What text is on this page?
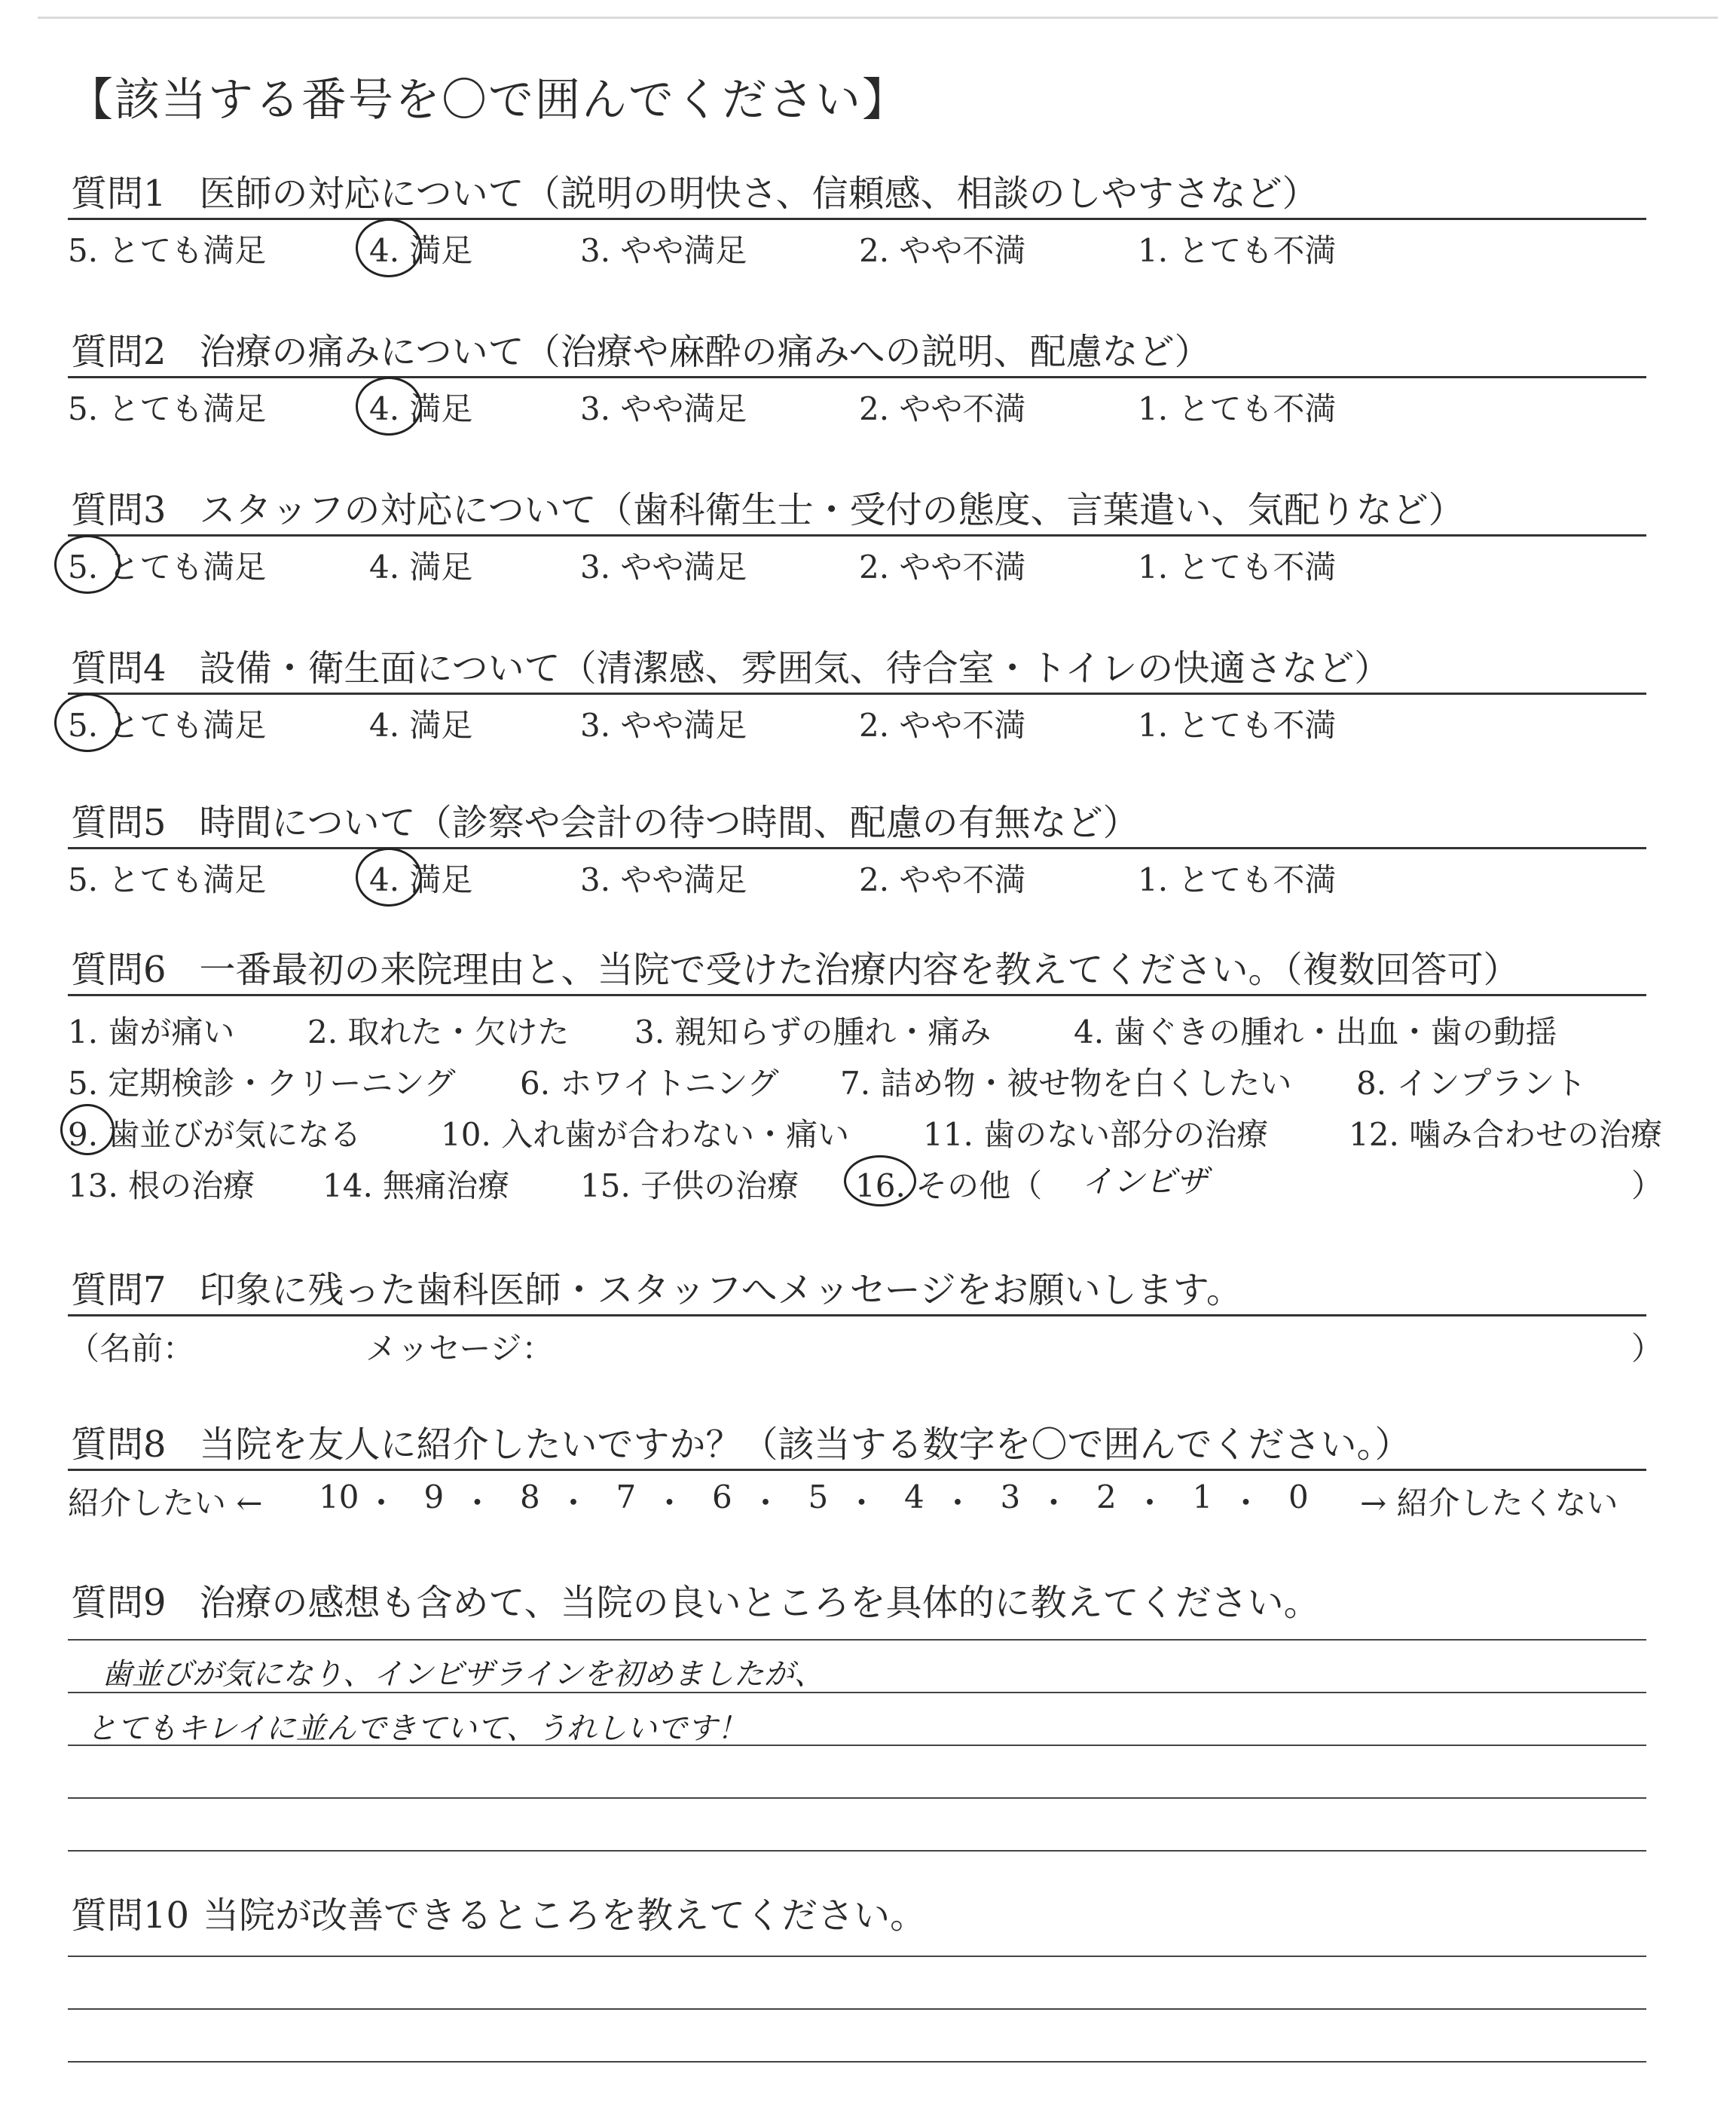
【該当する番号を〇で囲んでください】
質問1 医師の対応について（説明の明快さ、信頼感、相談のしやすさなど）
5. とても満足	4. 満足	3. やや満足	2. やや不満	1. とても不満
質問2 治療の痛みについて（治療や麻酔の痛みへの説明、配慮など）
5. とても満足	4. 満足	3. やや満足	2. やや不満	1. とても不満
質問3 スタッフの対応について（歯科衛生士・受付の態度、言葉遣い、気配りなど）
5. とても満足	4. 満足	3. やや満足	2. やや不満	1. とても不満
質問4 設備・衛生面について（清潔感、雰囲気、待合室・トイレの快適さなど）
5. とても満足	4. 満足	3. やや満足	2. やや不満	1. とても不満
質問5 時間について（診察や会計の待つ時間、配慮の有無など）
5. とても満足	4. 満足	3. やや満足	2. やや不満	1. とても不満
質問6 一番最初の来院理由と、当院で受けた治療内容を教えてください。（複数回答可）
1. 歯が痛い 2. 取れた・欠けた 3. 親知らずの腫れ・痛み	4. 歯ぐきの腫れ・出血・歯の動揺
5. 定期検診・クリーニング 6. ホワイトニング 7. 詰め物・被せ物を白くしたい 8. インプラント
9. 歯並びが気になる	10. 入れ歯が合わない・痛い 11. 歯のない部分の治療	12. 噛み合わせの治療
13. 根の治療 14. 無痛治療 15. 子供の治療 16. その他（ インビザ	）
質問7 印象に残った歯科医師・スタッフへメッセージをお願いします。
（名前：	メッセージ：	）
質問8 当院を友人に紹介したいですか？（該当する数字を〇で囲んでください。）
紹介したい ←	→ 紹介したくない
10 ・ 9 ・ 8 ・ 7 ・ 6 ・ 5 ・ 4 ・ 3 ・ 2 ・ 1 ・ 0
質問9 治療の感想も含めて、当院の良いところを具体的に教えてください。
歯並びが気になり、インビザラインを初めましたが、
とてもキレイに並んできていて、うれしいです！
質問10 当院が改善できるところを教えてください。
